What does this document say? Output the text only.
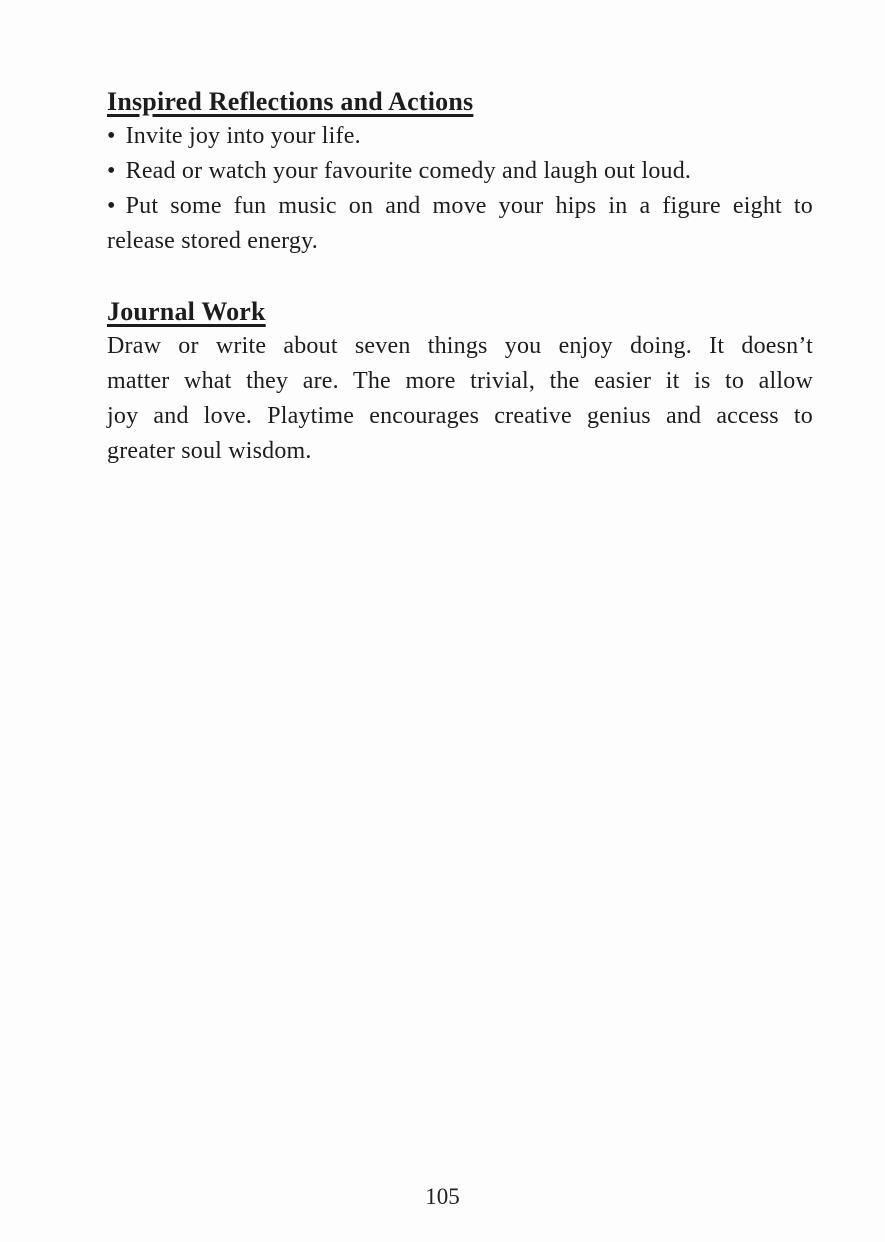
Inspired Reflections and Actions
• Invite joy into your life.
• Read or watch your favourite comedy and laugh out loud.
• Put some fun music on and move your hips in a figure eight to
release stored energy.
Journal Work
Draw or write about seven things you enjoy doing. It doesn’t
matter what they are. The more trivial, the easier it is to allow
joy and love. Playtime encourages creative genius and access to
greater soul wisdom.
105
